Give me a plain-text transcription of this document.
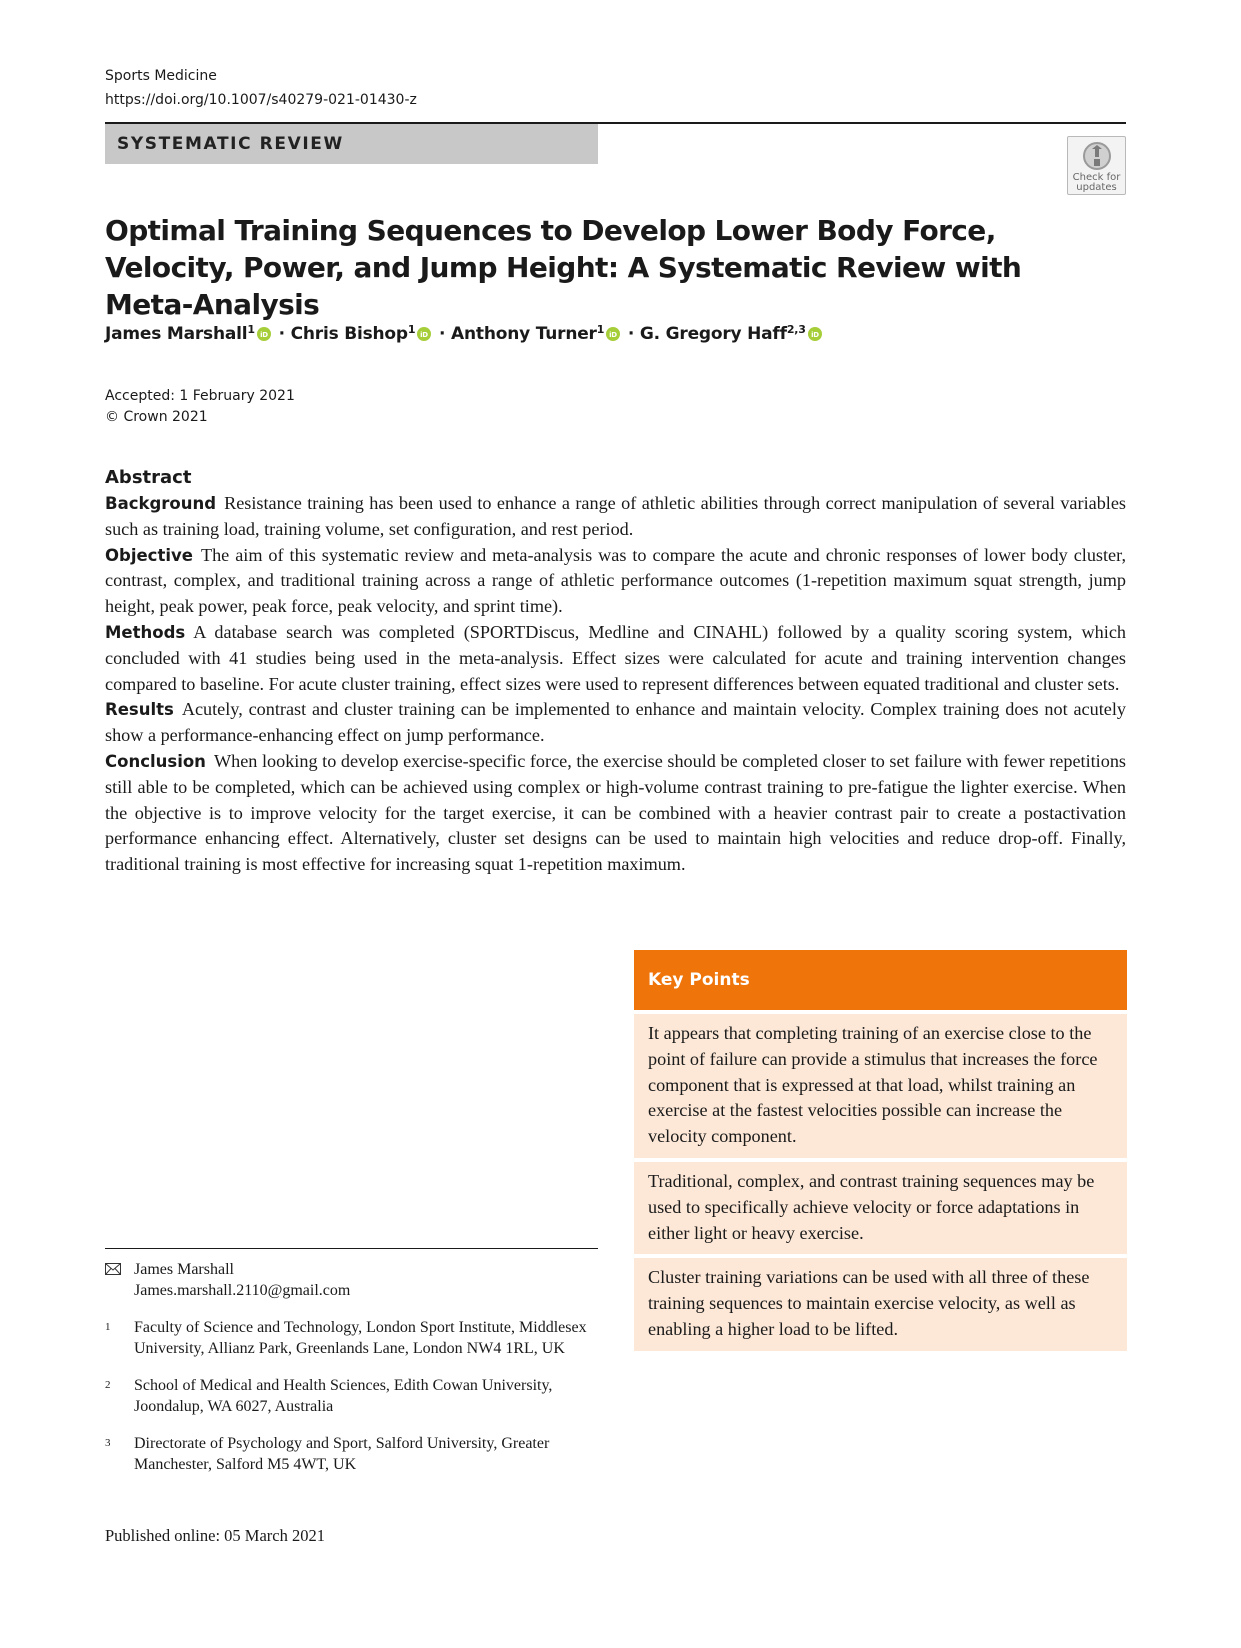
Sports Medicine
https://doi.org/10.1007/s40279-021-01430-z
SYSTEMATIC REVIEW
Check for
updates
Optimal Training Sequences to Develop Lower Body Force, Velocity, Power, and Jump Height: A Systematic Review with Meta-Analysis
James Marshall$^1$ iD · Chris Bishop$^1$ iD · Anthony Turner$^1$ iD · G. Gregory Haff$^{2,3}$ iD
Accepted: 1 February 2021
© Crown 2021
Abstract

Background Resistance training has been used to enhance a range of athletic abilities through correct manipulation of several variables such as training load, training volume, set configuration, and rest period.

Objective The aim of this systematic review and meta-analysis was to compare the acute and chronic responses of lower body cluster, contrast, complex, and traditional training across a range of athletic performance outcomes (1-repetition maximum squat strength, jump height, peak power, peak force, peak velocity, and sprint time).

Methods A database search was completed (SPORTDiscus, Medline and CINAHL) followed by a quality scoring system, which concluded with 41 studies being used in the meta-analysis. Effect sizes were calculated for acute and training intervention changes compared to baseline. For acute cluster training, effect sizes were used to represent differences between equated traditional and cluster sets.

Results Acutely, contrast and cluster training can be implemented to enhance and maintain velocity. Complex training does not acutely show a performance-enhancing effect on jump performance.

Conclusion When looking to develop exercise-specific force, the exercise should be completed closer to set failure with fewer repetitions still able to be completed, which can be achieved using complex or high-volume contrast training to pre-fatigue the lighter exercise. When the objective is to improve velocity for the target exercise, it can be combined with a heavier contrast pair to create a postactivation performance enhancing effect. Alternatively, cluster set designs can be used to maintain high velocities and reduce drop-off. Finally, traditional training is most effective for increasing squat 1-repetition maximum.

Key Points
It appears that completing training of an exercise close to the point of failure can provide a stimulus that increases the force component that is expressed at that load, whilst training an exercise at the fastest velocities possible can increase the velocity component.
Traditional, complex, and contrast training sequences may be used to specifically achieve velocity or force adaptations in either light or heavy exercise.
Cluster training variations can be used with all three of these training sequences to maintain exercise velocity, as well as enabling a higher load to be lifted.
James Marshall
James.marshall.2110@gmail.com
1	Faculty of Science and Technology, London Sport Institute, Middlesex University, Allianz Park, Greenlands Lane, London NW4 1RL, UK
2	School of Medical and Health Sciences, Edith Cowan University, Joondalup, WA 6027, Australia
3	Directorate of Psychology and Sport, Salford University, Greater Manchester, Salford M5 4WT, UK
Published online: 05 March 2021
